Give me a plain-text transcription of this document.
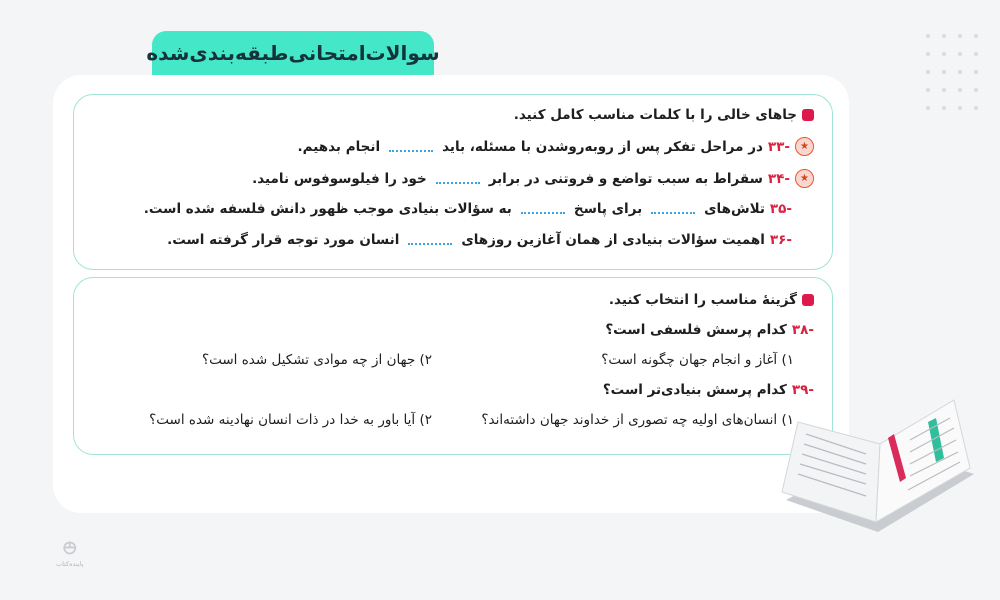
سوالات‌امتحانی‌طبقه‌بندی‌شده
جاهای خالی را با کلمات مناسب کامل کنید.
★
-۳۳
در مراحل تفکر پس از روبه‌روشدن با مسئله، باید
انجام بدهیم.
★
-۳۴
سقراط به سبب تواضع و فروتنی در برابر
خود را فیلوسوفوس نامید.
-۳۵
تلاش‌های
برای پاسخ
به سؤالات بنیادی موجب ظهور دانش فلسفه شده است.
-۳۶
اهمیت سؤالات بنیادی از همان آغازین روزهای
انسان مورد توجه قرار گرفته است.
گزینهٔ مناسب را انتخاب کنید.
-۳۸
کدام پرسش فلسفی است؟
۱) آغاز و انجام جهان چگونه است؟
۲) جهان از چه موادی تشکیل شده است؟
-۳۹
کدام پرسش بنیادی‌تر است؟
۱) انسان‌های اولیه چه تصوری از خداوند جهان داشته‌اند؟
۲) آیا باور به خدا در ذات انسان نهادینه شده است؟
⦺
پاینده‌کتاب
